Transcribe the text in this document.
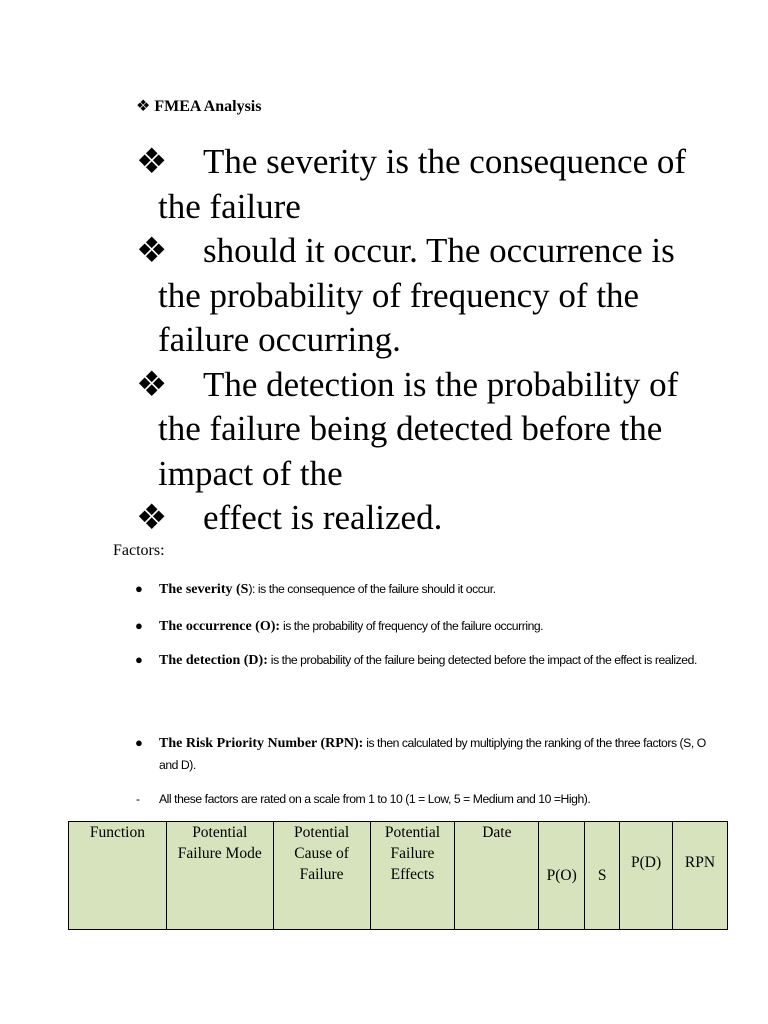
❖ FMEA Analysis
❖	The severity is the consequence of the failure
❖	should it occur. The occurrence is the probability of frequency of the failure occurring.
❖	The detection is the probability of the failure being detected before the impact of the
❖	effect is realized.
Factors:
● The severity (S): is the consequence of the failure should it occur.
● The occurrence (O): is the probability of frequency of the failure occurring.
● The detection (D): is the probability of the failure being detected before the impact of the effect is realized.
● The Risk Priority Number (RPN): is then calculated by multiplying the ranking of the three factors (S, O and D).
- All these factors are rated on a scale from 1 to 10 (1 = Low, 5 = Medium and 10 =High).
Function	Potential Failure Mode	Potential Cause of Failure	Potential Failure Effects	Date	P(O)	S	P(D)	RPN
